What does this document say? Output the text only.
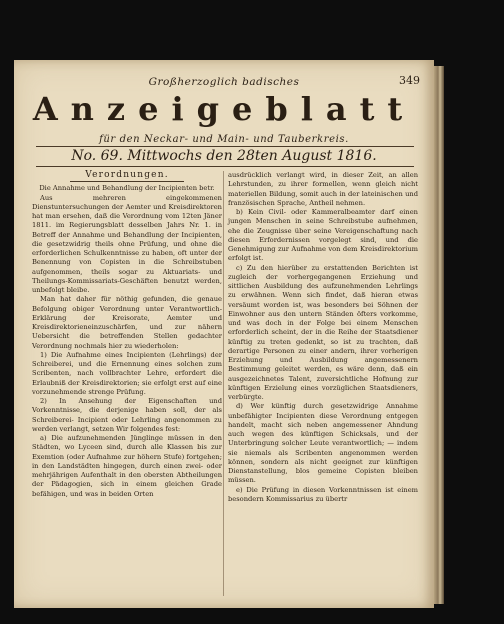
Großherzoglich badisches	349
Anzeigeblatt
für den Neckar- und Main- und Tauberkreis.
No. 69. Mittwochs den 28ten August 1816.
Verordnungen.

Die Annahme und Behandlung der Incipienten betr.

Aus mehreren eingekommenen Dienstuntersuchungen der Aemter und Kreisdirektoren hat man ersehen, daß die Verordnung vom 12ten Jäner 1811. im Regierungsblatt desselben Jahrs Nr. 1. in Betreff der Annahme und Behandlung der Incipienten, die gesetzwidrig theils ohne Prüfung, und ohne die erforderlichen Schulkenntnisse zu haben, oft unter der Benennung von Copisten in die Schreibstuben aufgenommen, theils sogar zu Aktuariats- und Theilungs-Kommissariats-Geschäften benutzt werden, unbefolgt bleibe.

Man hat daher für nöthig gefunden, die genaue Befolgung obiger Verordnung unter Verantwortlich- Erklärung der Kreisorate, Aemter und Kreisdirektorieneinzuschärfen, und zur nähern Uebersicht die betreffenden Stellen gedachter Verordnung nochmals hier zu wiederholen:

1) Die Aufnahme eines Incipienten (Lehrlings) der Schreiberei, und die Ernennung eines solchen zum Scribenten, nach vollbrachter Lehre, erfordert die Erlaubniß der Kreisdirektorien; sie erfolgt erst auf eine vorzunehmende strenge Prüfung.

2) In Ansehung der Eigenschaften und Vorkenntnisse, die derjenige haben soll, der als Schreiberei- Incipient oder Lehrling angenommen zu werden verlangt, setzen Wir folgendes fest:

a) Die aufzunehmenden Jünglinge müssen in den Städten, wo Lyceen sind, durch alle Klassen bis zur Exemtion (oder Aufnahme zur höhern Stufe) fortgehen; in den Landstädten hingegen, durch einen zwei- oder mehrjährigen Aufenthalt in den obersten Abtheilungen der Pädagogien, sich in einem gleichen Grade befähigen, und was in beiden Orten

ausdrücklich verlangt wird, in dieser Zeit, an allen Lehrstunden, zu ihrer formellen, wenn gleich nicht materiellen Bildung, somit auch in der lateinischen und französischen Sprache, Antheil nehmen.

b) Kein Civil- oder Kammeralbeamter darf einen jungen Menschen in seine Schreibstube aufnehmen, ehe die Zeugnisse über seine Vereigenschaftung nach diesen Erfordernissen vorgelegt sind, und die Genehmigung zur Aufnahme von dem Kreisdirektorium erfolgt ist.

c) Zu den hierüber zu erstattenden Berichten ist zugleich der vorhergegangenen Erziehung und sittlichen Ausbildung des aufzunehmenden Lehrlings zu erwähnen. Wenn sich findet, daß hieran etwas versäumt worden ist, was besonders bei Söhnen der Einwohner aus den untern Ständen öfters vorkomme, und was doch in der Folge bei einem Menschen erforderlich scheint, der in die Reihe der Staatsdiener künftig zu treten gedenkt, so ist zu trachten, daß derartige Personen zu einer andern, ihrer vorherigen Erziehung und Ausbildung angemessenern Bestimmung geleitet werden, es wäre denn, daß ein ausgezeichnetes Talent, zuversichtliche Hofnung zur künftigen Erzielung eines vorzüglichen Staatsdieners, verbürgte.

d) Wer künftig durch gesetzwidrige Annahme unbefähigter Incipienten diese Verordnung entgegen handelt, macht sich neben angemessener Ahndung auch wegen des künftigen Schicksals, und der Unterbringung solcher Leute verantwortlich; — indem sie niemals als Scribenten angenommen werden können, sondern als nicht geeignet zur künftigen Dienstanstellung, blos gemeine Copisten bleiben müssen.

e) Die Prüfung in diesen Vorkenntnissen ist einem besondern Kommissarius zu übertr
